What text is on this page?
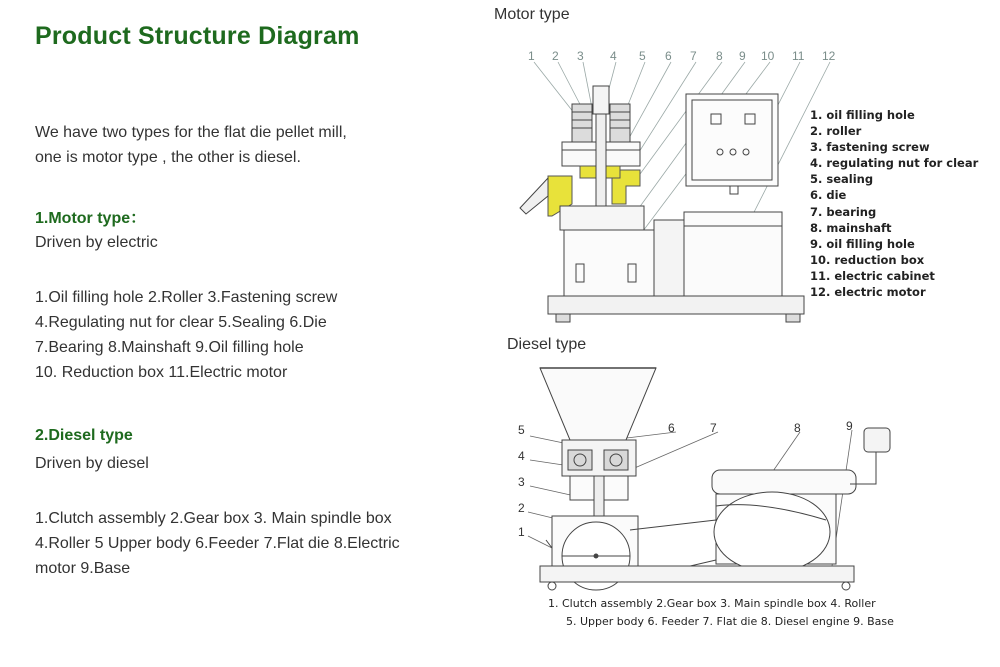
Product Structure Diagram
We have two types for the flat die pellet mill,
one is motor type , the other is diesel.
1.Motor type：
Driven by electric
1.Oil filling hole 2.Roller 3.Fastening screw
4.Regulating nut for clear 5.Sealing 6.Die
7.Bearing 8.Mainshaft 9.Oil filling hole
10. Reduction box 11.Electric motor
2.Diesel type
Driven by diesel
1.Clutch assembly 2.Gear box 3. Main spindle box
4.Roller 5 Upper body 6.Feeder 7.Flat die 8.Electric
motor 9.Base
Motor type
Diesel type
1. oil filling hole
2. roller
3. fastening screw
4. regulating nut for clear
5. sealing
6. die
7. bearing
8. mainshaft
9. oil filling hole
10. reduction box
11. electric cabinet
12. electric motor
1. Clutch assembly 2.Gear box 3. Main spindle box 4. Roller
5. Upper body 6. Feeder 7. Flat die 8. Diesel engine 9. Base
1 2 3 4 5 6 7 8 9 10 11 12
5
4
3
2
1
6	7	8	9
